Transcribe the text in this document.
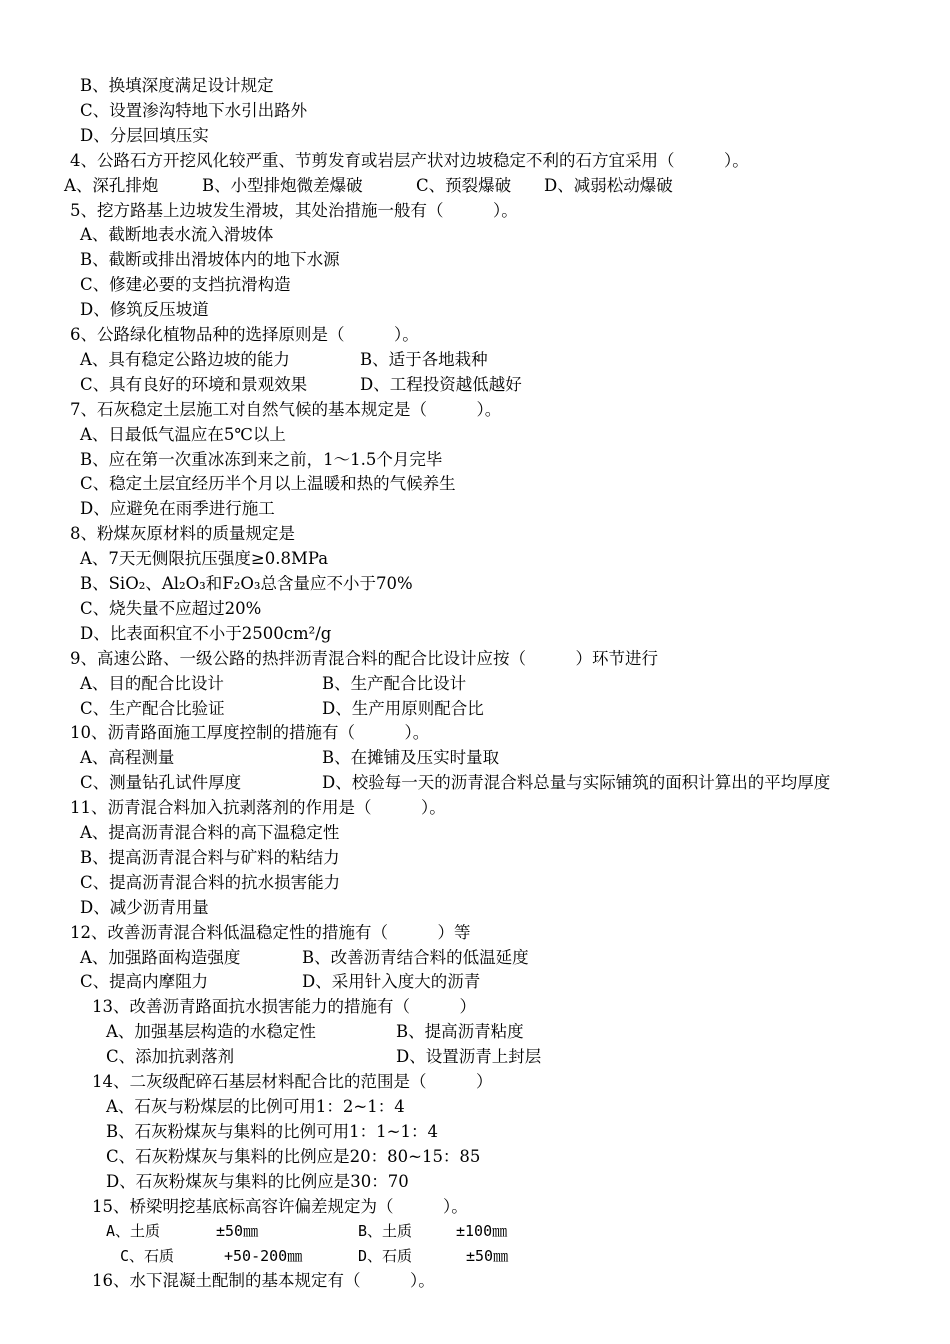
B、换填深度满足设计规定
C、设置渗沟特地下水引出路外
D、分层回填压实
4、公路石方开挖风化较严重、节剪发育或岩层产状对边坡稳定不利的石方宜采用（　　　）。
A、深孔排炮	B、小型排炮微差爆破	C、预裂爆破 D、减弱松动爆破
5、挖方路基上边坡发生滑坡，其处治措施一般有（　　　）。
A、截断地表水流入滑坡体
B、截断或排出滑坡体内的地下水源
C、修建必要的支挡抗滑构造
D、修筑反压坡道
6、公路绿化植物品种的选择原则是（　　　）。
A、具有稳定公路边坡的能力	B、适于各地栽种
C、具有良好的环境和景观效果	D、工程投资越低越好
7、石灰稳定土层施工对自然气候的基本规定是（　　　）。
A、日最低气温应在5℃以上
B、应在第一次重冰冻到来之前，1～1.5个月完毕
C、稳定土层宜经历半个月以上温暖和热的气候养生
D、应避免在雨季进行施工
8、粉煤灰原材料的质量规定是
A、7天无侧限抗压强度≥0.8MPa
B、SiO₂、Al₂O₃和F₂O₃总含量应不小于70%
C、烧失量不应超过20%
D、比表面积宜不小于2500cm²/g
9、高速公路、一级公路的热拌沥青混合料的配合比设计应按（　　　）环节进行
A、目的配合比设计	B、生产配合比设计
C、生产配合比验证	D、生产用原则配合比
10、沥青路面施工厚度控制的措施有（　　　）。
A、高程测量	B、在摊铺及压实时量取
C、测量钻孔试件厚度	D、校验每一天的沥青混合料总量与实际铺筑的面积计算出的平均厚度
11、沥青混合料加入抗剥落剂的作用是（　　　）。
A、提高沥青混合料的高下温稳定性
B、提高沥青混合料与矿料的粘结力
C、提高沥青混合料的抗水损害能力
D、减少沥青用量
12、改善沥青混合料低温稳定性的措施有（　　　）等
A、加强路面构造强度	B、改善沥青结合料的低温延度
C、提高内摩阻力	D、采用针入度大的沥青
13、改善沥青路面抗水损害能力的措施有（　　　）
A、加强基层构造的水稳定性	B、提高沥青粘度
C、添加抗剥落剂	D、设置沥青上封层
14、二灰级配碎石基层材料配合比的范围是（　　　）
A、石灰与粉煤层的比例可用1：2~1：4
B、石灰粉煤灰与集料的比例可用1：1~1：4
C、石灰粉煤灰与集料的比例应是20：80~15：85
D、石灰粉煤灰与集料的比例应是30：70
15、桥梁明挖基底标高容许偏差规定为（　　　）。
A、土质	±50㎜	B、土质	±100㎜
C、石质	+50-200㎜	D、石质	±50㎜
16、水下混凝土配制的基本规定有（　　　）。
